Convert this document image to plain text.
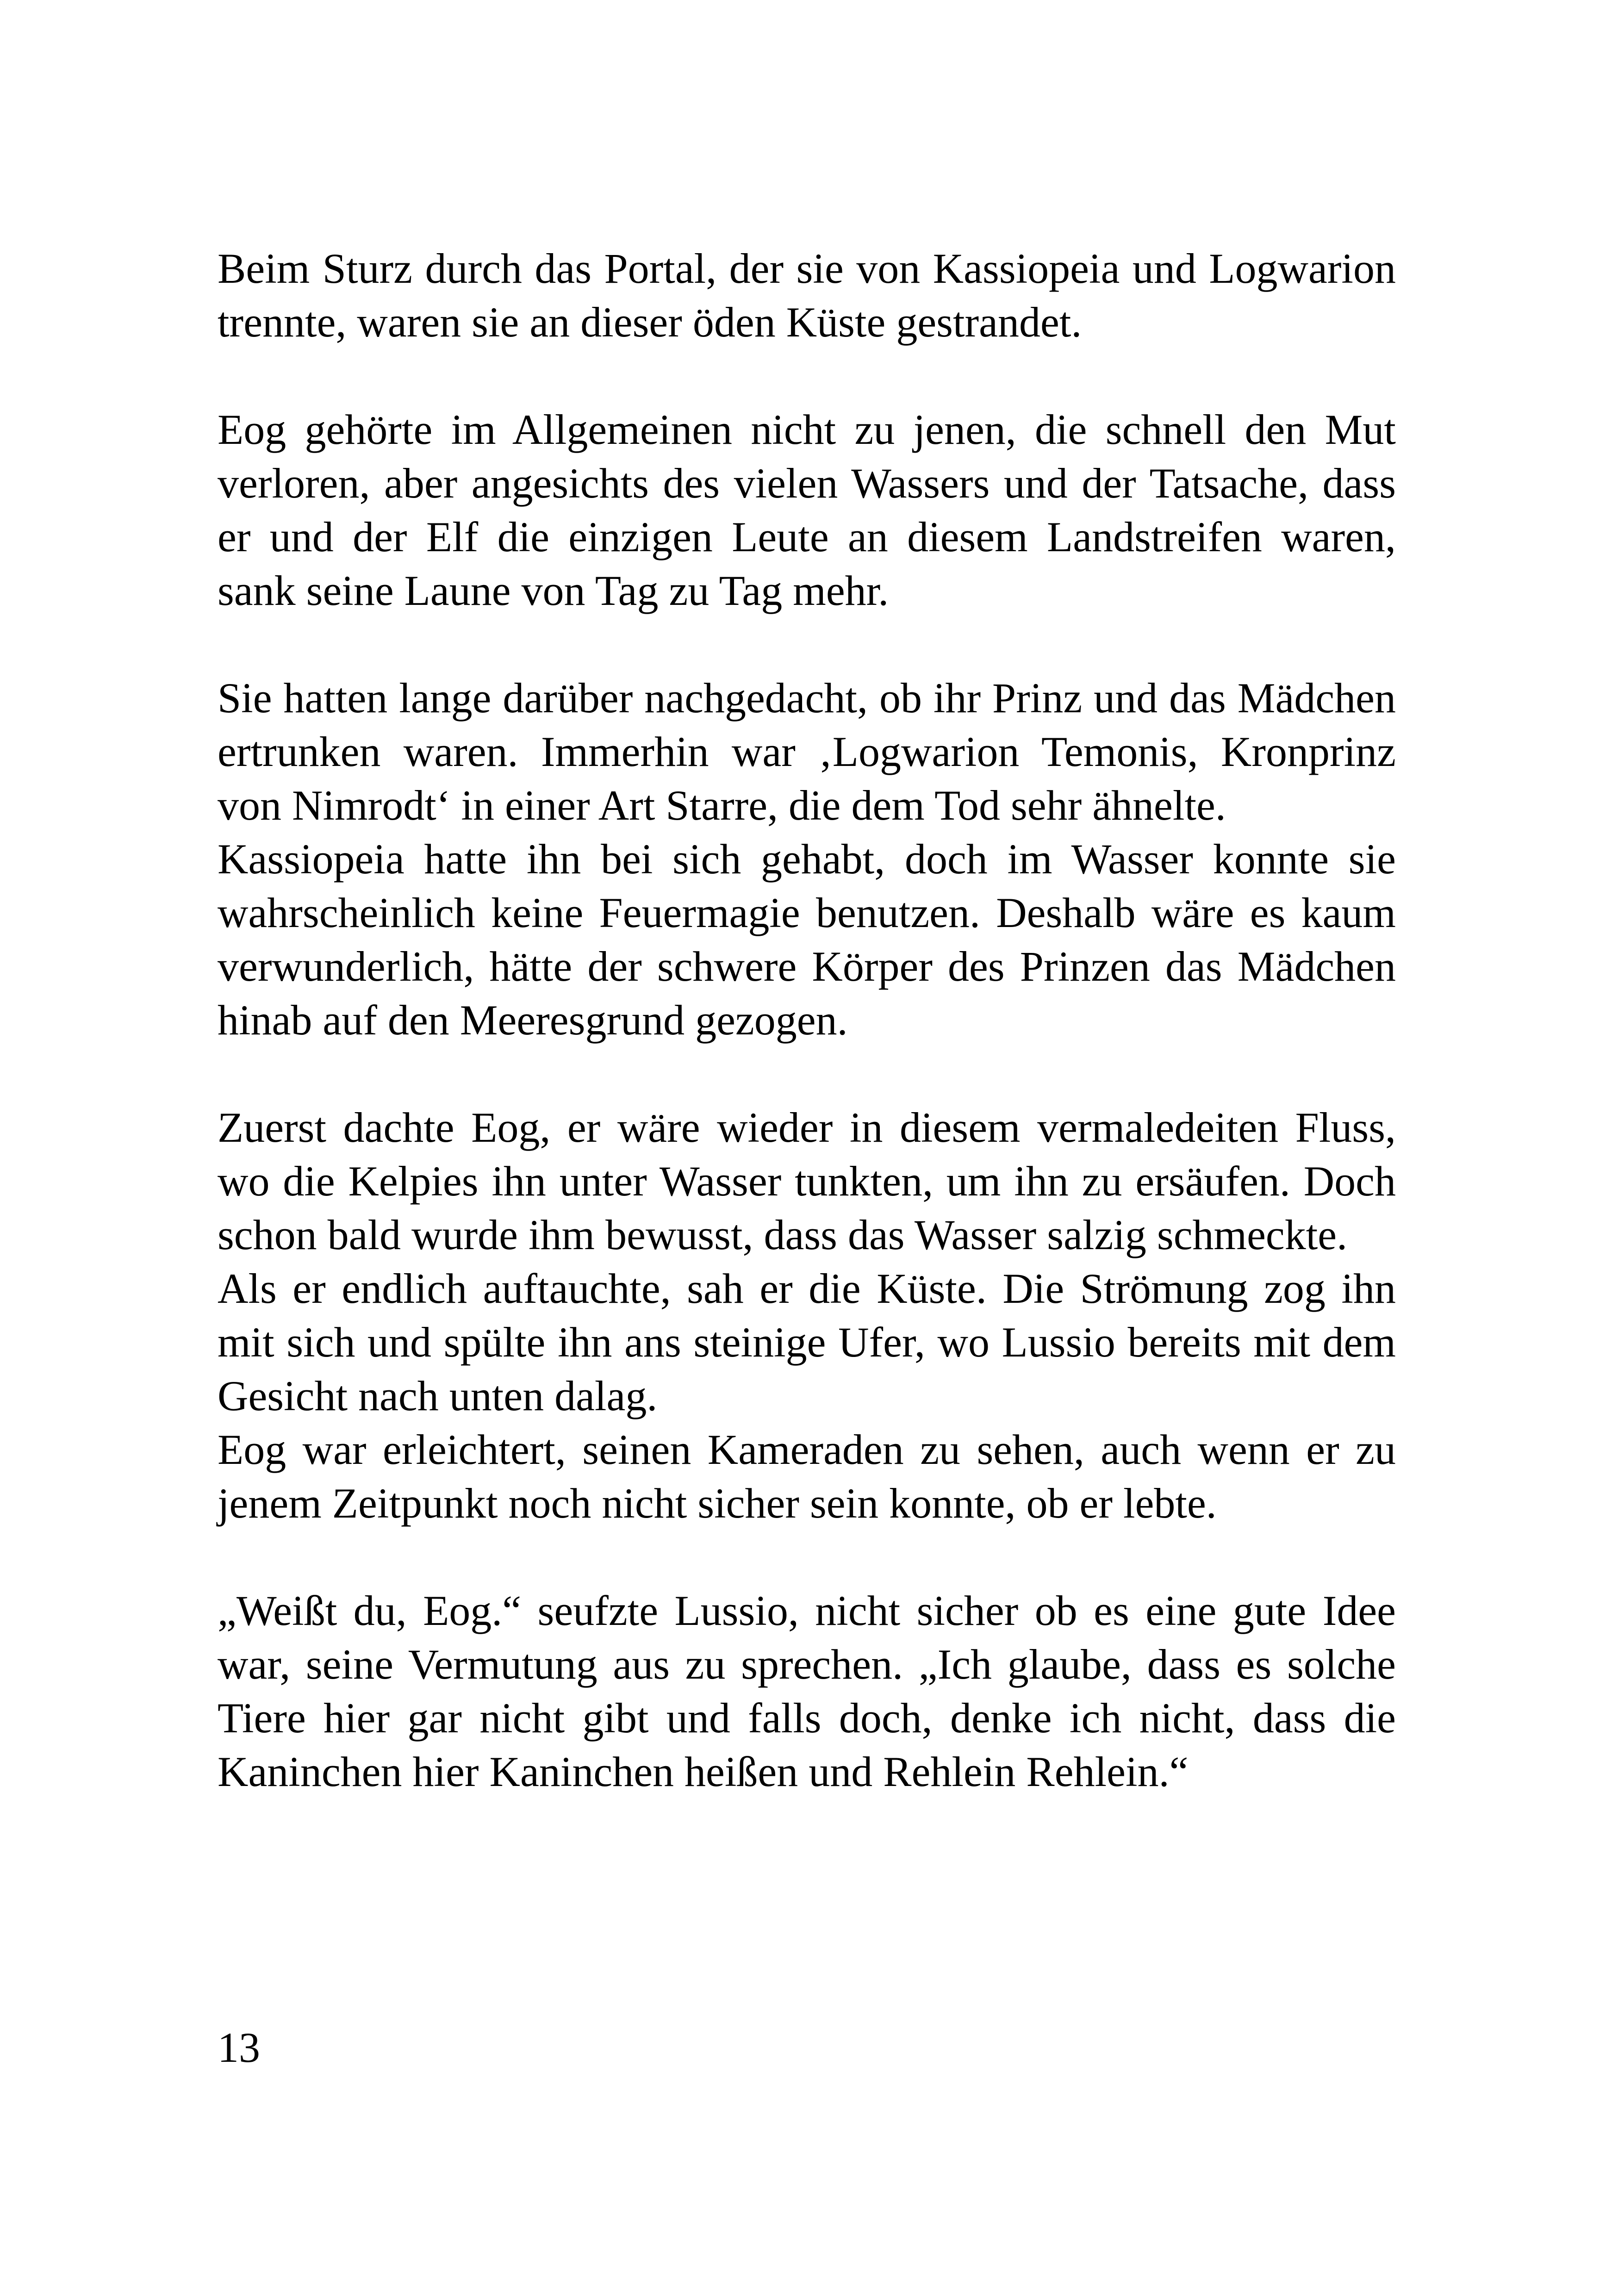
Beim Sturz durch das Portal, der sie von Kassiopeia und Logwarion trennte, waren sie an dieser öden Küste gestrandet.

Eog gehörte im Allgemeinen nicht zu jenen, die schnell den Mut verloren, aber angesichts des vielen Wassers und der Tatsache, dass er und der Elf die einzigen Leute an diesem Landstreifen waren, sank seine Laune von Tag zu Tag mehr.

Sie hatten lange darüber nachgedacht, ob ihr Prinz und das Mädchen ertrunken waren. Immerhin war ‚Logwarion Temonis, Kronprinz von Nimrodt‘ in einer Art Starre, die dem Tod sehr ähnelte.

Kassiopeia hatte ihn bei sich gehabt, doch im Wasser konnte sie wahrscheinlich keine Feuermagie benutzen. Deshalb wäre es kaum verwunderlich, hätte der schwere Körper des Prinzen das Mädchen hinab auf den Meeresgrund gezogen.

Zuerst dachte Eog, er wäre wieder in diesem vermaledeiten Fluss, wo die Kelpies ihn unter Wasser tunkten, um ihn zu ersäufen. Doch schon bald wurde ihm bewusst, dass das Wasser salzig schmeckte.

Als er endlich auftauchte, sah er die Küste. Die Strömung zog ihn mit sich und spülte ihn ans steinige Ufer, wo Lussio bereits mit dem Gesicht nach unten dalag.

Eog war erleichtert, seinen Kameraden zu sehen, auch wenn er zu jenem Zeitpunkt noch nicht sicher sein konnte, ob er lebte.

„Weißt du, Eog.“ seufzte Lussio, nicht sicher ob es eine gute Idee war, seine Vermutung aus zu sprechen. „Ich glaube, dass es solche Tiere hier gar nicht gibt und falls doch, denke ich nicht, dass die Kaninchen hier Kaninchen heißen und Rehlein Rehlein.“

13
